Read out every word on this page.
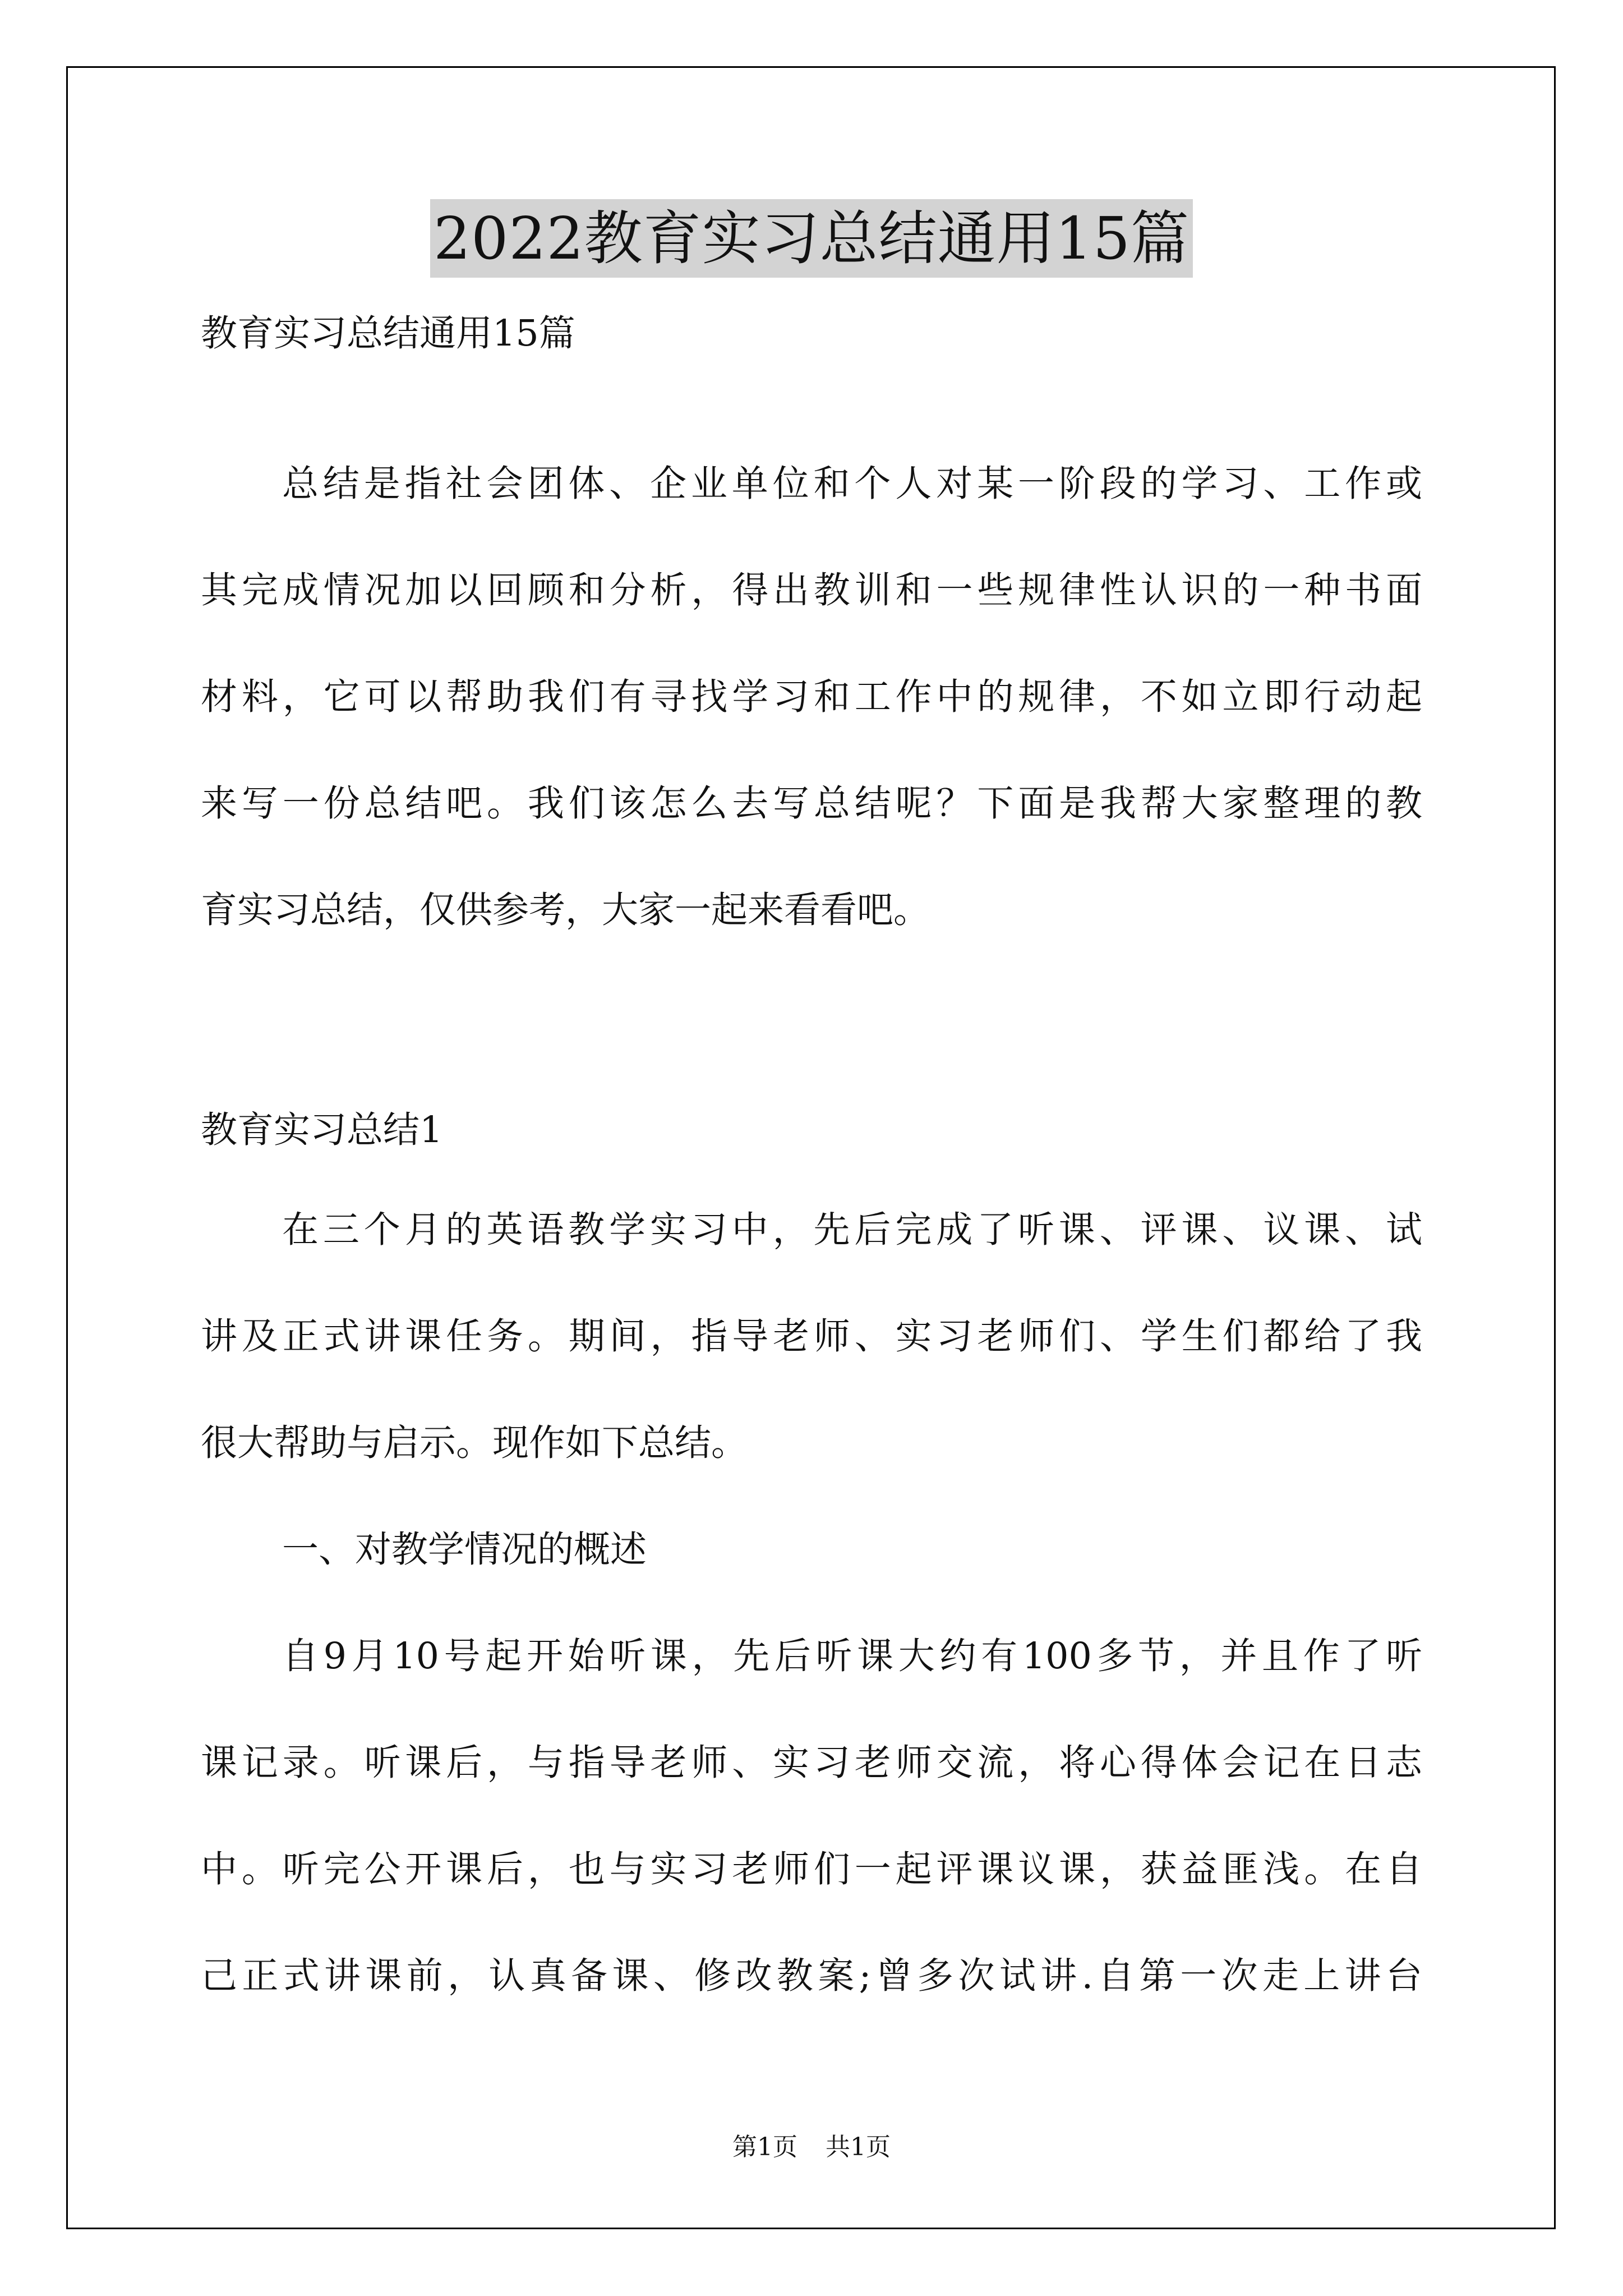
2022教育实习总结通用15篇
教育实习总结通用15篇
总结是指社会团体、企业单位和个人对某一阶段的学习、工作或
其完成情况加以回顾和分析，得出教训和一些规律性认识的一种书面
材料，它可以帮助我们有寻找学习和工作中的规律，不如立即行动起
来写一份总结吧。我们该怎么去写总结呢？下面是我帮大家整理的教
育实习总结，仅供参考，大家一起来看看吧。
教育实习总结1
在三个月的英语教学实习中，先后完成了听课、评课、议课、试
讲及正式讲课任务。期间，指导老师、实习老师们、学生们都给了我
很大帮助与启示。现作如下总结。
一、对教学情况的概述
自9月10号起开始听课，先后听课大约有100多节，并且作了听
课记录。听课后，与指导老师、实习老师交流，将心得体会记在日志
中。听完公开课后，也与实习老师们一起评课议课，获益匪浅。在自
己正式讲课前，认真备课、修改教案;曾多次试讲.自第一次走上讲台
第1页 共1页
